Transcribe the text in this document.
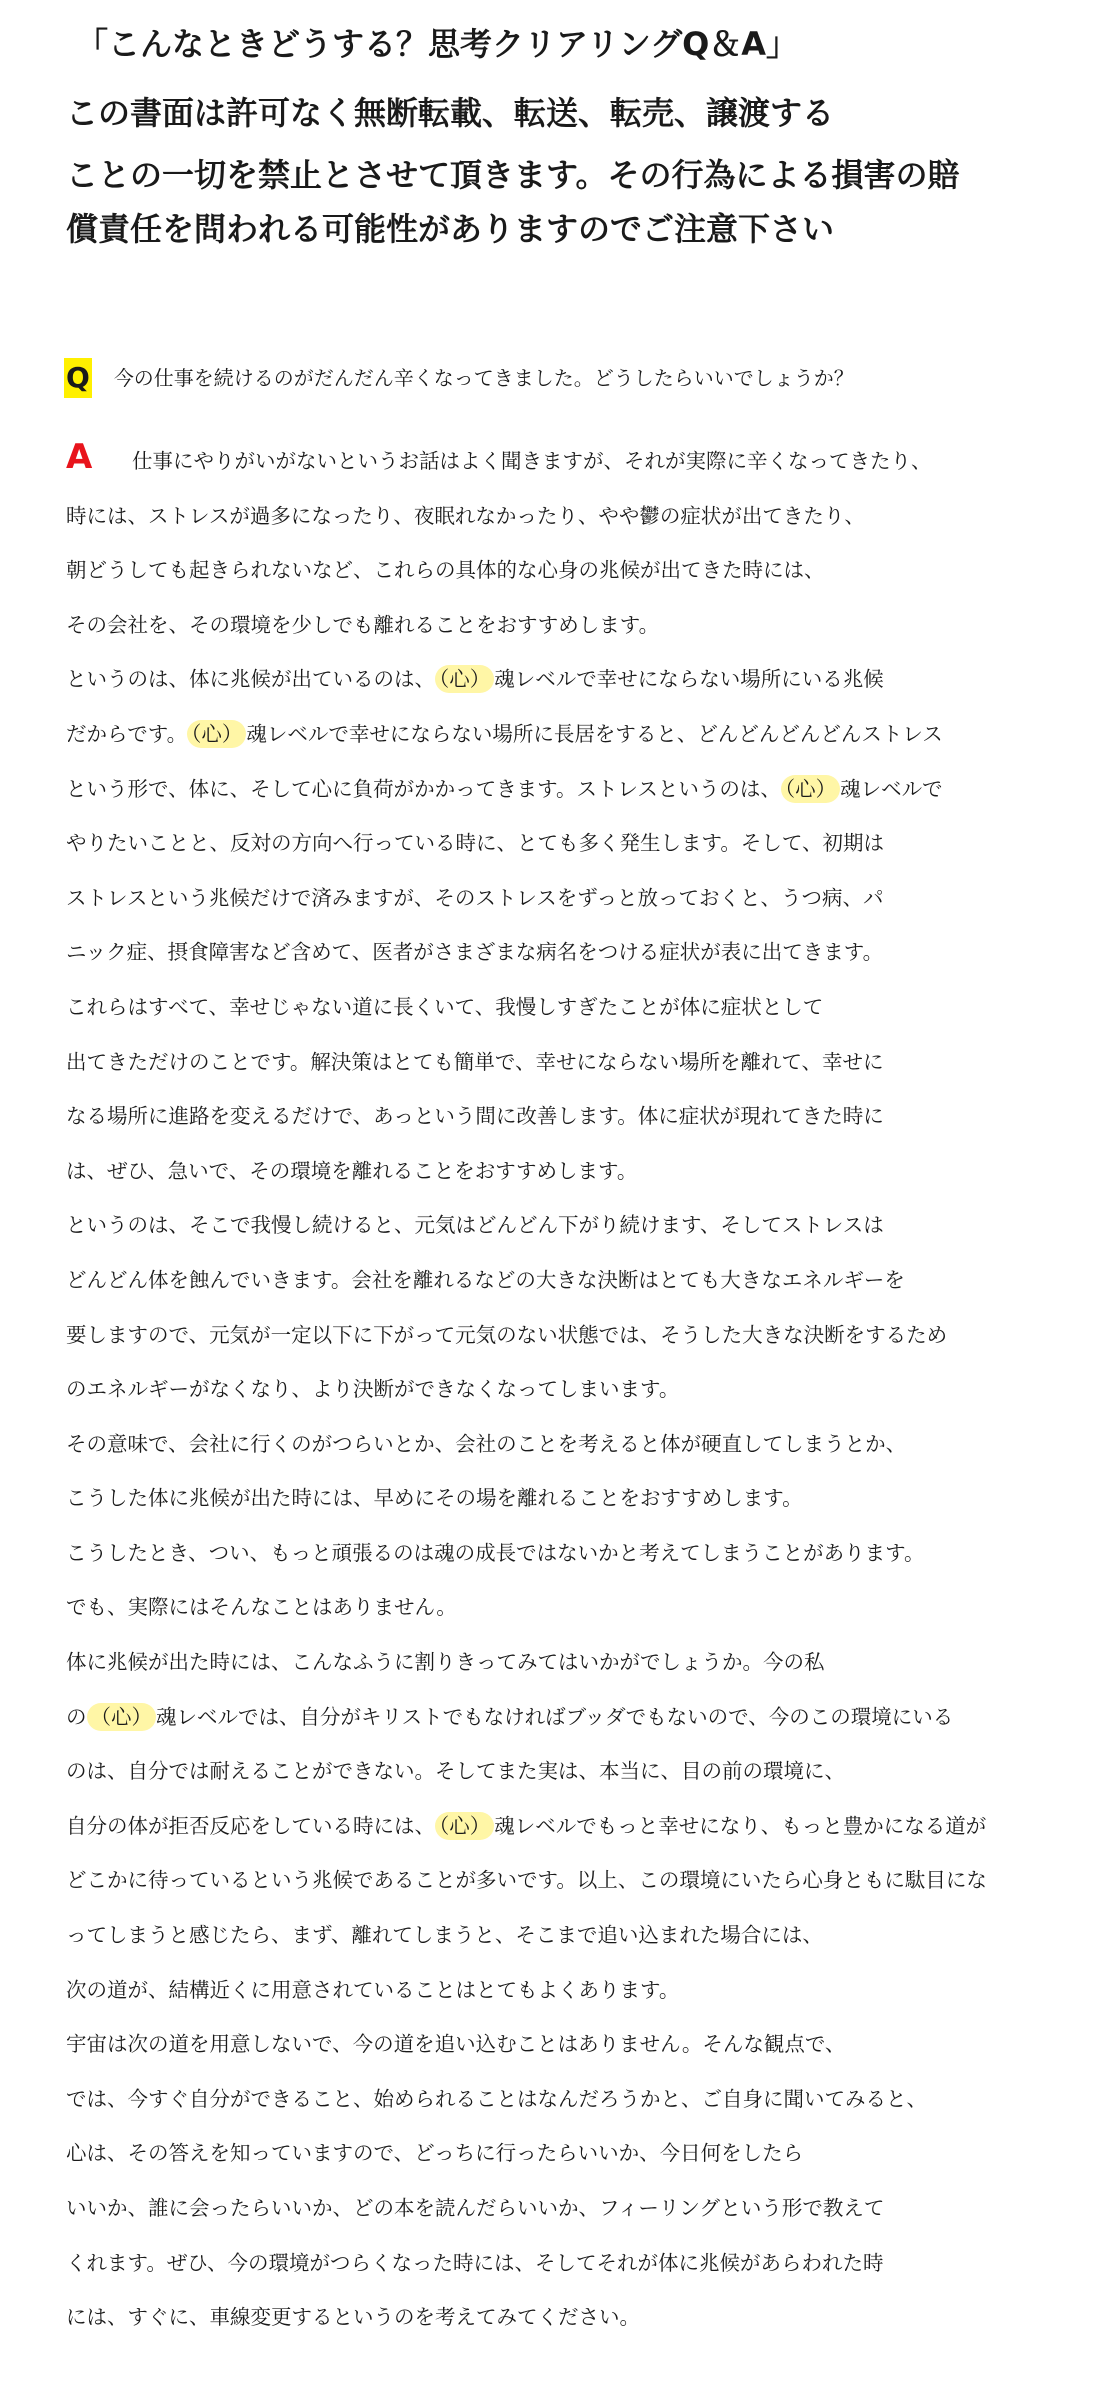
「こんなときどうする？思考クリアリングQ＆A」
この書面は許可なく無断転載、転送、転売、譲渡する
ことの一切を禁止とさせて頂きます。その行為による損害の賠
償責任を問われる可能性がありますのでご注意下さい
Q 今の仕事を続けるのがだんだん辛くなってきました。どうしたらいいでしょうか？
A	仕事にやりがいがないというお話はよく聞きますが、それが実際に辛くなってきたり、
時には、ストレスが過多になったり、夜眠れなかったり、やや鬱の症状が出てきたり、
朝どうしても起きられないなど、これらの具体的な心身の兆候が出てきた時には、
その会社を、その環境を少しでも離れることをおすすめします。
というのは、体に兆候が出ているのは、 （心） 魂レベルで幸せにならない場所にいる兆候
だからです。 （心） 魂レベルで幸せにならない場所に長居をすると、どんどんどんどんストレス
という形で、体に、そして心に負荷がかかってきます。ストレスというのは、 （心） 魂レベルで
やりたいことと、反対の方向へ行っている時に、とても多く発生します。そして、初期は
ストレスという兆候だけで済みますが、そのストレスをずっと放っておくと、うつ病、パ
ニック症、摂食障害など含めて、医者がさまざまな病名をつける症状が表に出てきます。
これらはすべて、幸せじゃない道に長くいて、我慢しすぎたことが体に症状として
出てきただけのことです。解決策はとても簡単で、幸せにならない場所を離れて、幸せに
なる場所に進路を変えるだけで、あっという間に改善します。体に症状が現れてきた時に
は、ぜひ、急いで、その環境を離れることをおすすめします。
というのは、そこで我慢し続けると、元気はどんどん下がり続けます、そしてストレスは
どんどん体を蝕んでいきます。会社を離れるなどの大きな決断はとても大きなエネルギーを
要しますので、元気が一定以下に下がって元気のない状態では、そうした大きな決断をするため
のエネルギーがなくなり、より決断ができなくなってしまいます。
その意味で、会社に行くのがつらいとか、会社のことを考えると体が硬直してしまうとか、
こうした体に兆候が出た時には、早めにその場を離れることをおすすめします。
こうしたとき、つい、もっと頑張るのは魂の成長ではないかと考えてしまうことがあります。
でも、実際にはそんなことはありません。
体に兆候が出た時には、こんなふうに割りきってみてはいかがでしょうか。今の私
の （心） 魂レベルでは、自分がキリストでもなければブッダでもないので、今のこの環境にいる
のは、自分では耐えることができない。そしてまた実は、本当に、目の前の環境に、
自分の体が拒否反応をしている時には、 （心） 魂レベルでもっと幸せになり、もっと豊かになる道が
どこかに待っているという兆候であることが多いです。以上、この環境にいたら心身ともに駄目にな
ってしまうと感じたら、まず、離れてしまうと、そこまで追い込まれた場合には、
次の道が、結構近くに用意されていることはとてもよくあります。
宇宙は次の道を用意しないで、今の道を追い込むことはありません。そんな観点で、
では、今すぐ自分ができること、始められることはなんだろうかと、ご自身に聞いてみると、
心は、その答えを知っていますので、どっちに行ったらいいか、今日何をしたら
いいか、誰に会ったらいいか、どの本を読んだらいいか、フィーリングという形で教えて
くれます。ぜひ、今の環境がつらくなった時には、そしてそれが体に兆候があらわれた時
には、すぐに、車線変更するというのを考えてみてください。
